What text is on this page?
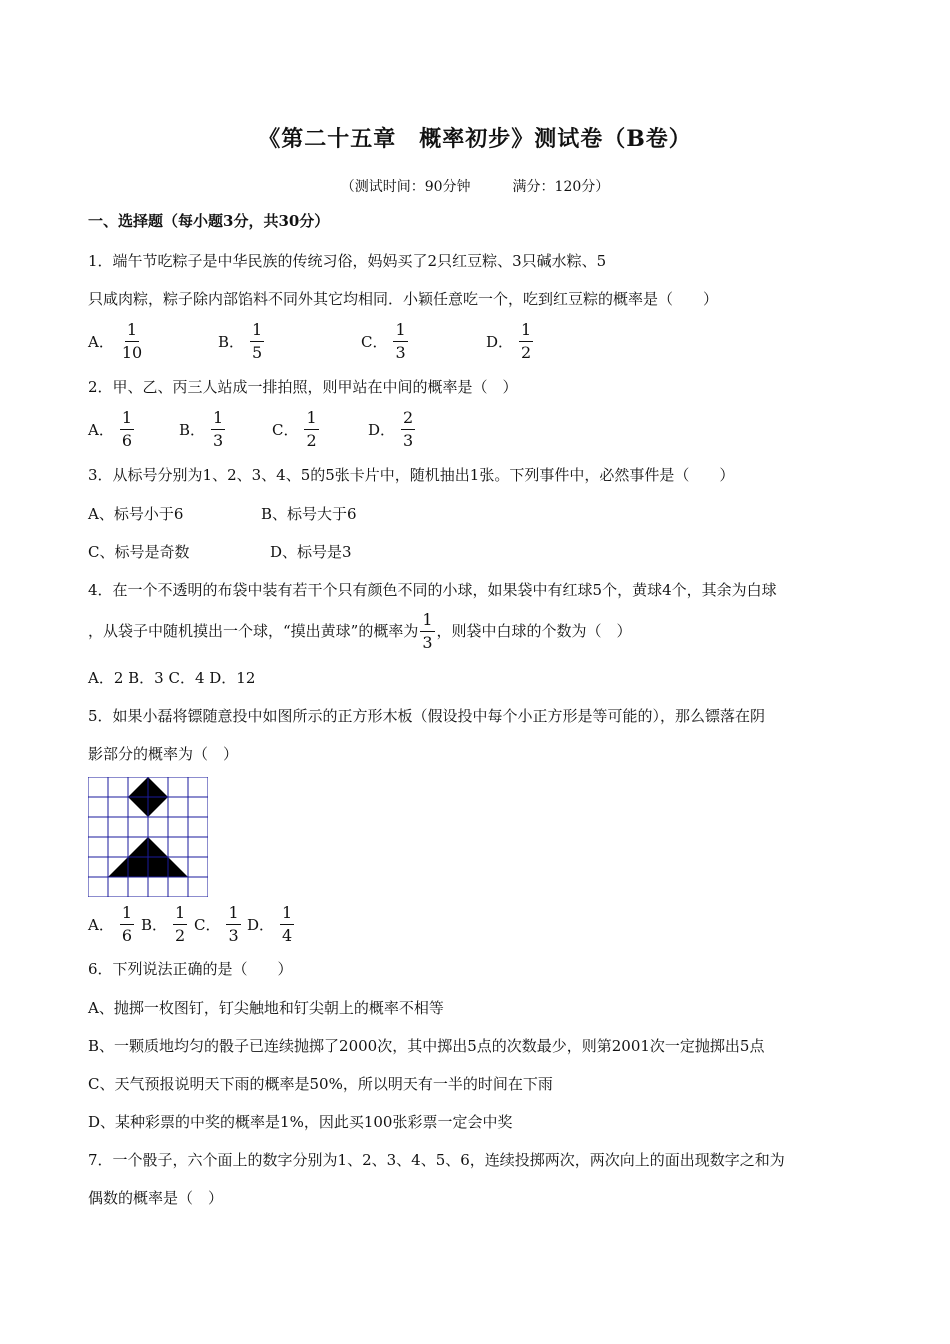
《第二十五章　概率初步》测试卷（B卷）
（测试时间：90分钟　　　满分：120分）
一、选择题（每小题3分，共30分）
1．端午节吃粽子是中华民族的传统习俗，妈妈买了2只红豆粽、3只碱水粽、5
只咸肉粽，粽子除内部馅料不同外其它均相同．小颖任意吃一个，吃到红豆粽的概率是（　　）
A． $\frac{1}{10}$	B． $\frac{1}{5}$	C． $\frac{1}{3}$	D． $\frac{1}{2}$
2．甲、乙、丙三人站成一排拍照，则甲站在中间的概率是（　）
A． $\frac{1}{6}$	B． $\frac{1}{3}$	C． $\frac{1}{2}$	D． $\frac{2}{3}$
3．从标号分别为1、2、3、4、5的5张卡片中，随机抽出1张。下列事件中，必然事件是（　　）
A、标号小于6	B、标号大于6
C、标号是奇数	D、标号是3
4．在一个不透明的布袋中装有若干个只有颜色不同的小球，如果袋中有红球5个，黄球4个，其余为白球
，从袋子中随机摸出一个球，“摸出黄球”的概率为 $\frac{1}{3}$ ，则袋中白球的个数为（　）
A．2 B．3 C．4 D．12
5．如果小磊将镖随意投中如图所示的正方形木板（假设投中每个小正方形是等可能的），那么镖落在阴
影部分的概率为（　）
A． $\frac{1}{6}$ B． $\frac{1}{2}$ C． $\frac{1}{3}$ D． $\frac{1}{4}$
6．下列说法正确的是（　　）
A、抛掷一枚图钉，钉尖触地和钉尖朝上的概率不相等
B、一颗质地均匀的骰子已连续抛掷了2000次，其中掷出5点的次数最少，则第2001次一定抛掷出5点
C、天气预报说明天下雨的概率是50%，所以明天有一半的时间在下雨
D、某种彩票的中奖的概率是1%，因此买100张彩票一定会中奖
7．一个骰子，六个面上的数字分别为1、2、3、4、5、6，连续投掷两次，两次向上的面出现数字之和为
偶数的概率是（　）
